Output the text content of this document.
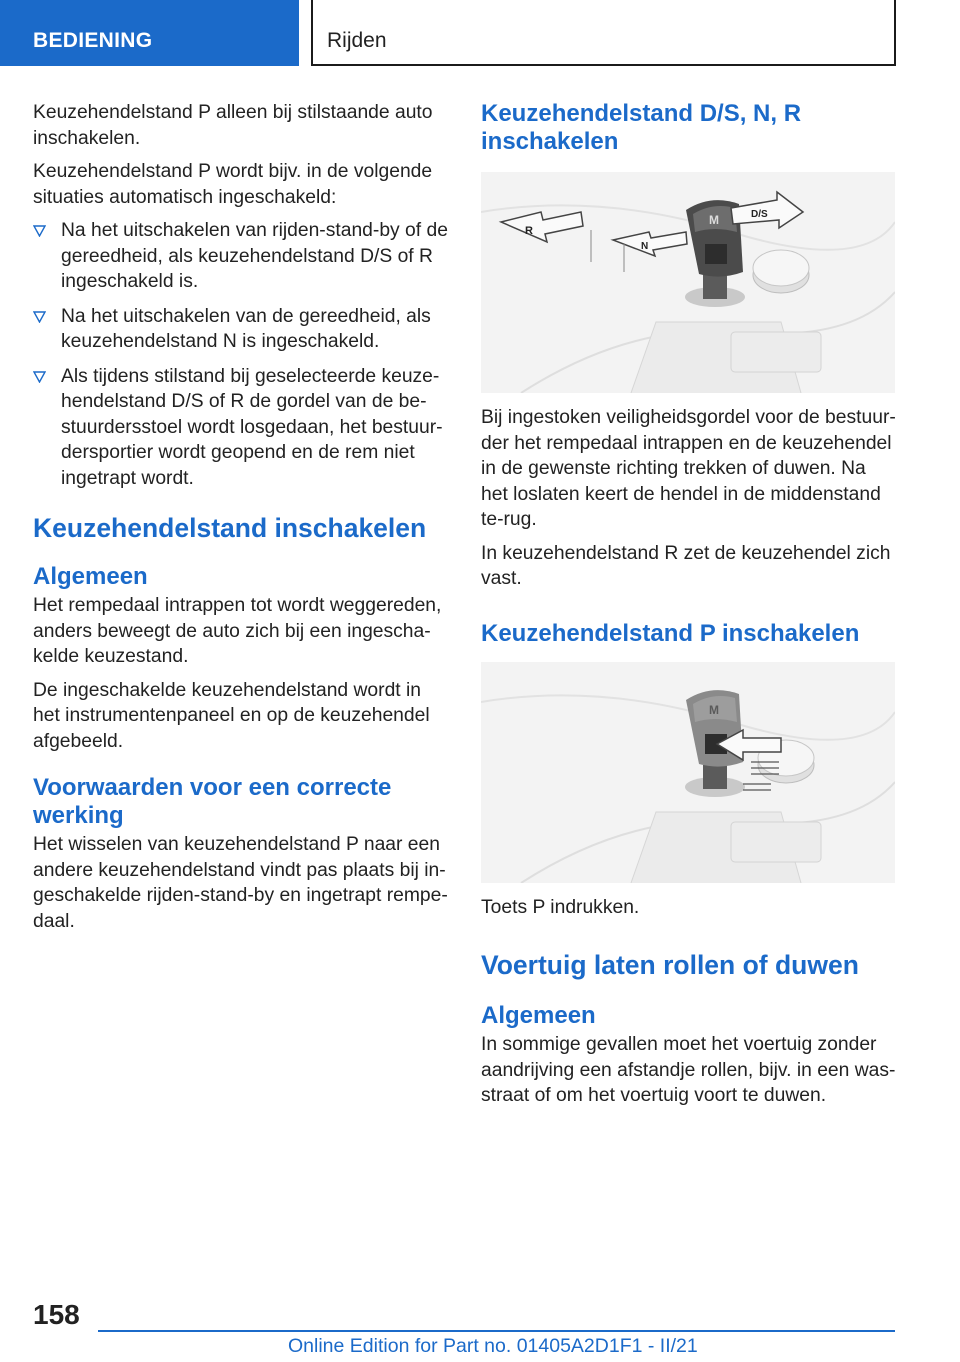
BEDIENING	Rijden

Keuzehendelstand P alleen bij stilstaande auto inschakelen.

Keuzehendelstand P wordt bijv. in de volgende situaties automatisch ingeschakeld:

Na het uitschakelen van rijden-stand-by of de gereedheid, als keuzehendelstand D/S of R ingeschakeld is.
Na het uitschakelen van de gereedheid, als keuzehendelstand N is ingeschakeld.
Als tijdens stilstand bij geselecteerde keuze-hendelstand D/S of R de gordel van de be-stuurdersstoel wordt losgedaan, het bestuur-dersportier wordt geopend en de rem niet ingetrapt wordt.
Keuzehendelstand inschakelen
Algemeen

Het rempedaal intrappen tot wordt weggereden, anders beweegt de auto zich bij een ingescha-kelde keuzestand.

De ingeschakelde keuzehendelstand wordt in het instrumentenpaneel en op de keuzehendel afgebeeld.

Voorwaarden voor een correcte werking

Het wisselen van keuzehendelstand P naar een andere keuzehendelstand vindt pas plaats bij in-geschakelde rijden-stand-by en ingetrapt rempe-daal.

Keuzehendelstand D/S, N, R inschakelen
M
R
N
D/S

Bij ingestoken veiligheidsgordel voor de bestuur-der het rempedaal intrappen en de keuzehendel in de gewenste richting trekken of duwen. Na het loslaten keert de hendel in de middenstand te-rug.

In keuzehendelstand R zet de keuzehendel zich vast.

Keuzehendelstand P inschakelen
M

Toets P indrukken.

Voertuig laten rollen of duwen
Algemeen

In sommige gevallen moet het voertuig zonder aandrijving een afstandje rollen, bijv. in een was-straat of om het voertuig voort te duwen.

158
Online Edition for Part no. 01405A2D1F1 - II/21
